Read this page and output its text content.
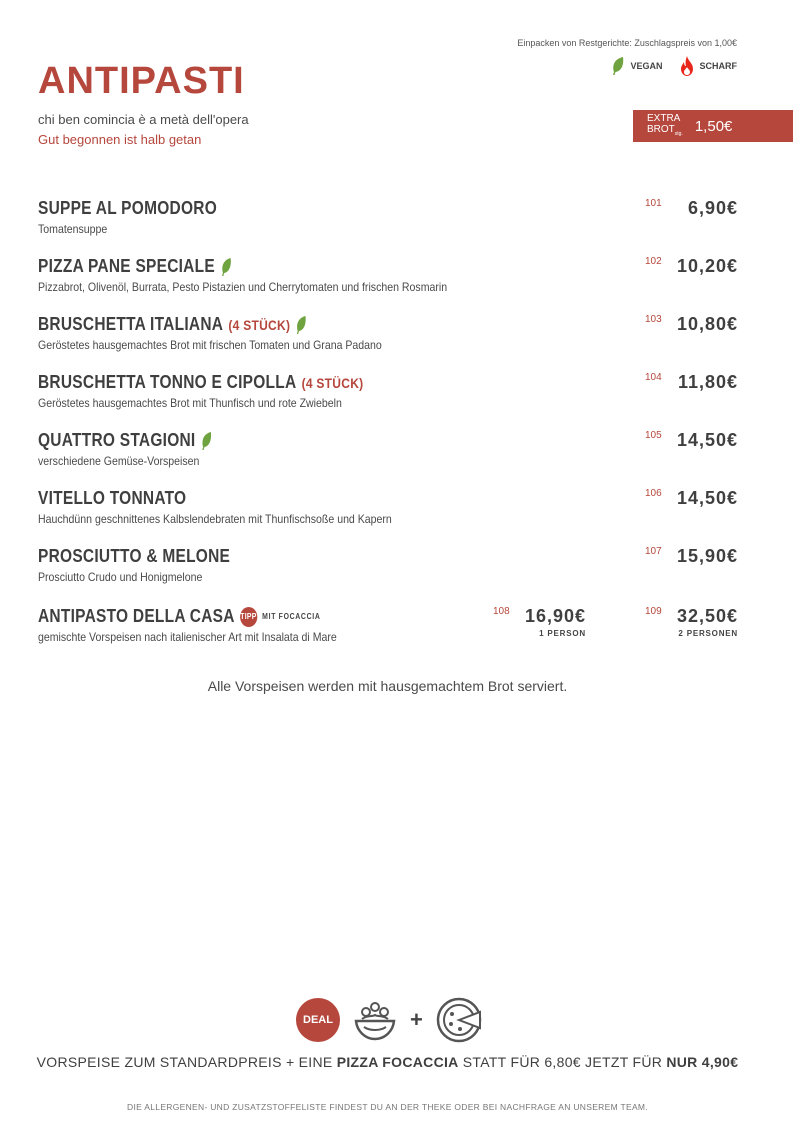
Einpacken von Restgerichte: Zuschlagspreis von 1,00€
VEGAN	SCHARF
ANTIPASTI
chi ben comincia è a metà dell'opera
Gut begonnen ist halb getan
EXTRA
$BROT_{stg.}$ 1,50€
SUPPE AL POMODORO
Tomatensuppe
101 6,90€
PIZZA PANE SPECIALE
Pizzabrot, Olivenöl, Burrata, Pesto Pistazien und Cherrytomaten und frischen Rosmarin
102 10,20€
BRUSCHETTA ITALIANA (4 STÜCK)
Geröstetes hausgemachtes Brot mit frischen Tomaten und Grana Padano
103 10,80€
BRUSCHETTA TONNO E CIPOLLA (4 STÜCK)
Geröstetes hausgemachtes Brot mit Thunfisch und rote Zwiebeln
104 11,80€
QUATTRO STAGIONI
verschiedene Gemüse-Vorspeisen
105 14,50€
VITELLO TONNATO
Hauchdünn geschnittenes Kalbslendebraten mit Thunfischsoße und Kapern
106 14,50€
PROSCIUTTO & MELONE
Prosciutto Crudo und Honigmelone
107 15,90€
ANTIPASTO DELLA CASA TIPP MIT FOCACCIA
gemischte Vorspeisen nach italienischer Art mit Insalata di Mare
108 16,90€
1 PERSON
109 32,50€
2 PERSONEN
Alle Vorspeisen werden mit hausgemachtem Brot serviert.
DEAL	+
VORSPEISE ZUM STANDARDPREIS + EINE PIZZA FOCACCIA STATT FÜR 6,80€ JETZT FÜR NUR 4,90€
DIE ALLERGENEN- UND ZUSATZSTOFFELISTE FINDEST DU AN DER THEKE ODER BEI NACHFRAGE AN UNSEREM TEAM.
